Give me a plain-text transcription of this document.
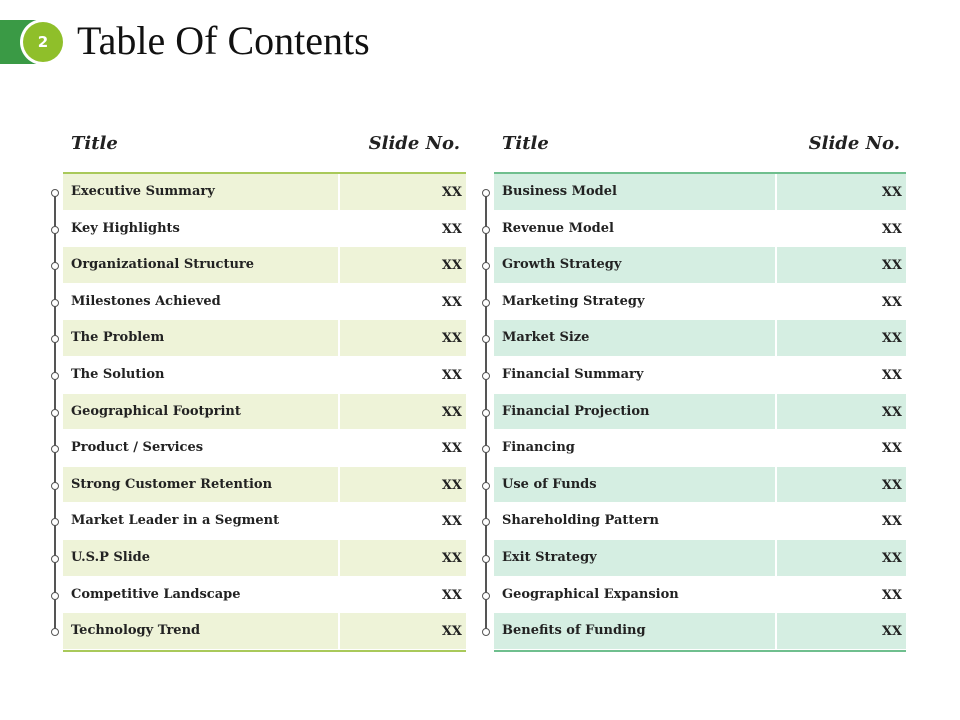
2 Table Of Contents
Title	Slide No.
Executive Summary	XX
Key Highlights	XX
Organizational Structure	XX
Milestones Achieved	XX
The Problem	XX
The Solution	XX
Geographical Footprint	XX
Product / Services	XX
Strong Customer Retention	XX
Market Leader in a Segment	XX
U.S.P Slide	XX
Competitive Landscape	XX
Technology Trend	XX
Title	Slide No.
Business Model	XX
Revenue Model	XX
Growth Strategy	XX
Marketing Strategy	XX
Market Size	XX
Financial Summary	XX
Financial Projection	XX
Financing	XX
Use of Funds	XX
Shareholding Pattern	XX
Exit Strategy	XX
Geographical Expansion	XX
Benefits of Funding	XX
